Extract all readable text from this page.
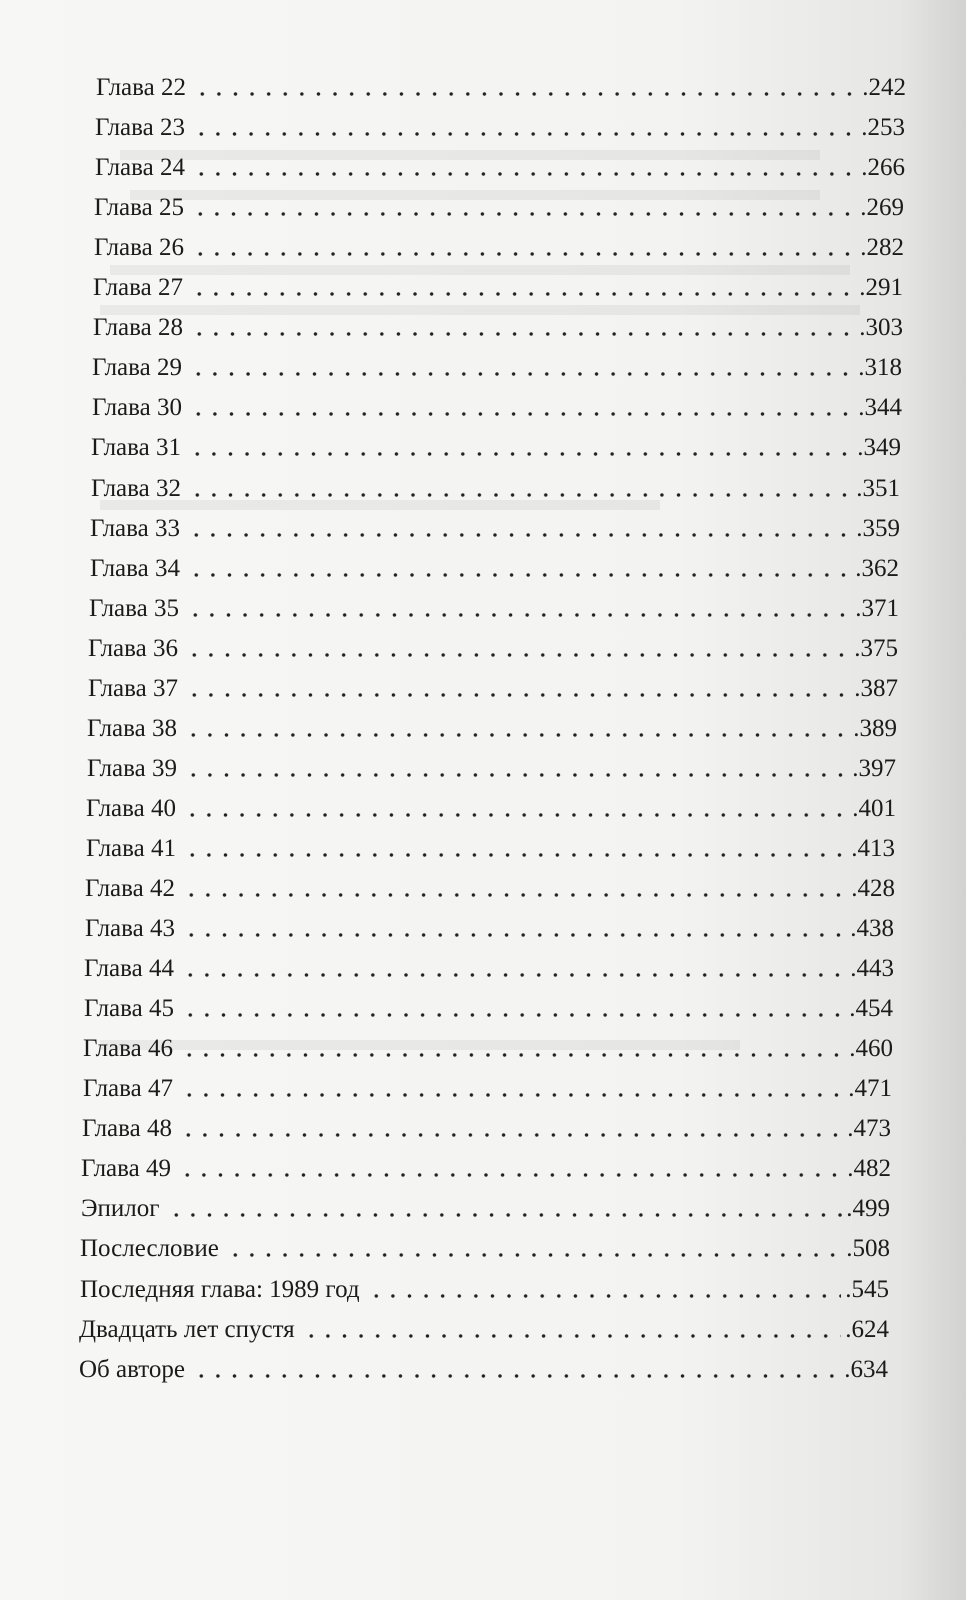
Глава 22	.242
Глава 23	.253
Глава 24	.266
Глава 25	.269
Глава 26	.282
Глава 27	.291
Глава 28	.303
Глава 29	.318
Глава 30	.344
Глава 31	.349
Глава 32	.351
Глава 33	.359
Глава 34	.362
Глава 35	.371
Глава 36	.375
Глава 37	.387
Глава 38	.389
Глава 39	.397
Глава 40	.401
Глава 41	.413
Глава 42	.428
Глава 43	.438
Глава 44	.443
Глава 45	.454
Глава 46	.460
Глава 47	.471
Глава 48	.473
Глава 49	.482
Эпилог	.499
Послесловие	.508
Последняя глава: 1989 год	.545
Двадцать лет спустя	.624
Об авторе	.634
